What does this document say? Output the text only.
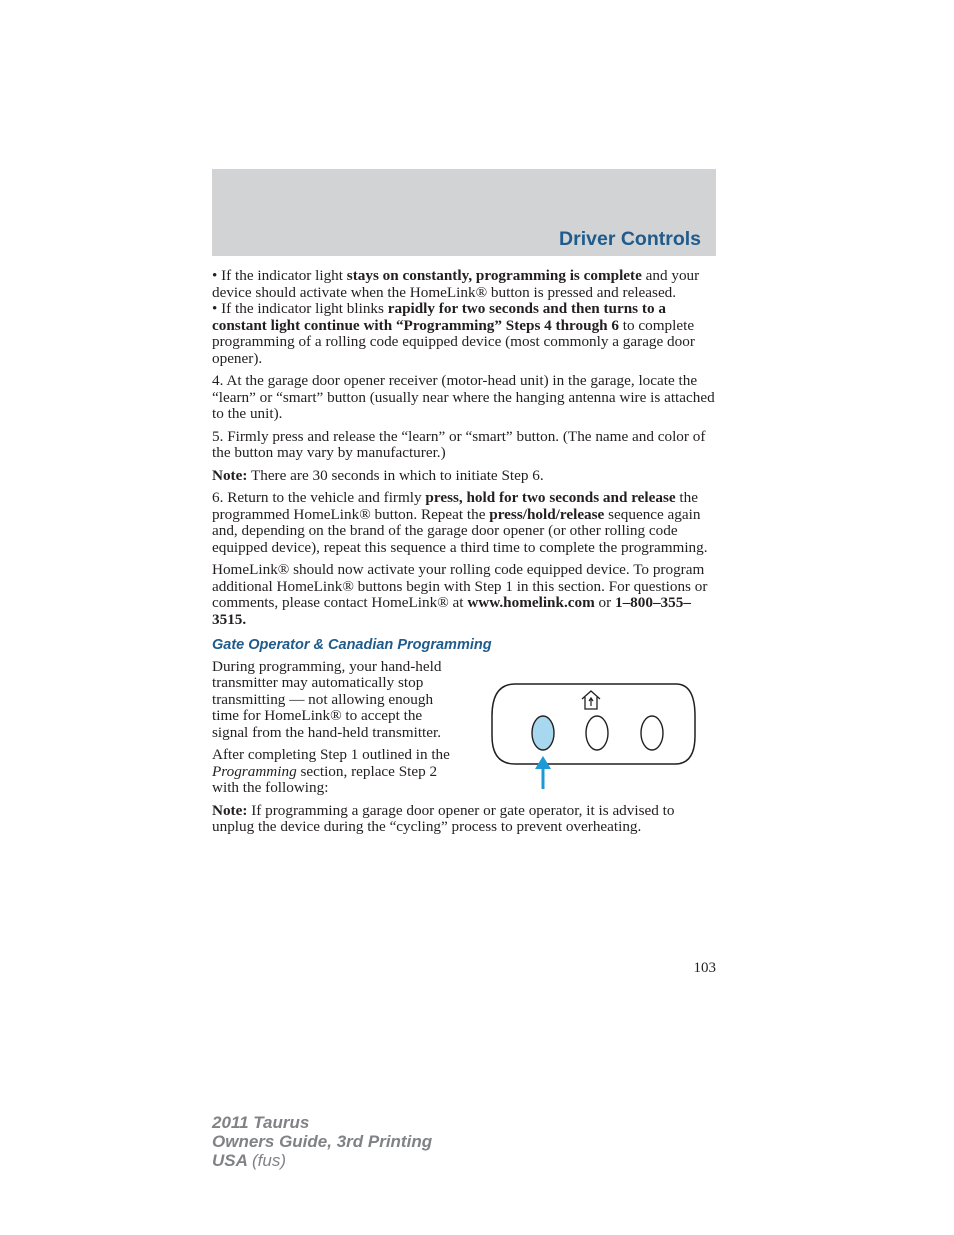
Driver Controls

• If the indicator light stays on constantly, programming is complete and your device should activate when the HomeLink® button is pressed and released.

• If the indicator light blinks rapidly for two seconds and then turns to a constant light continue with “Programming” Steps 4 through 6 to complete programming of a rolling code equipped device (most commonly a garage door opener).

4. At the garage door opener receiver (motor-head unit) in the garage, locate the “learn” or “smart” button (usually near where the hanging antenna wire is attached to the unit).

5. Firmly press and release the “learn” or “smart” button. (The name and color of the button may vary by manufacturer.)

Note: There are 30 seconds in which to initiate Step 6.

6. Return to the vehicle and firmly press, hold for two seconds and release the programmed HomeLink® button. Repeat the press/hold/release sequence again and, depending on the brand of the garage door opener (or other rolling code equipped device), repeat this sequence a third time to complete the programming.

HomeLink® should now activate your rolling code equipped device. To program additional HomeLink® buttons begin with Step 1 in this section. For questions or comments, please contact HomeLink® at www.homelink.com or 1–800–355–3515.

Gate Operator & Canadian Programming

During programming, your hand-held transmitter may automatically stop transmitting — not allowing enough time for HomeLink® to accept the signal from the hand-held transmitter.

After completing Step 1 outlined in the Programming section, replace Step 2 with the following:

Note: If programming a garage door opener or gate operator, it is advised to unplug the device during the “cycling” process to prevent overheating.

103
2011 Taurus
Owners Guide, 3rd Printing
USA (fus)
